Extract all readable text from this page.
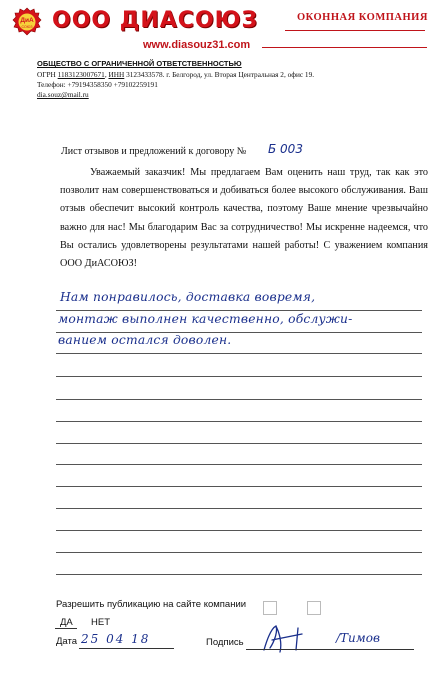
ДиА
СОЮЗ ООО ДИАСОЮЗ	ОКОННАЯ КОМПАНИЯ
www.diasouz31.com
ОБЩЕСТВО С ОГРАНИЧЕННОЙ ОТВЕТСТВЕННОСТЬЮ
ОГРН 1183123007671, ИНН 3123433578. г. Белгород, ул. Вторая Центральная 2, офис 19.
Телефон: +79194358350 +79102259191
dia.souz@mail.ru
Лист отзывов и предложений к договору № Б 003

Уважаемый заказчик! Мы предлагаем Вам оценить наш труд, так как это позволит нам совершенствоваться и добиваться более высокого обслуживания. Ваш отзыв обеспечит высокий контроль качества, поэтому Ваше мнение чрезвычайно важно для нас! Мы благодарим Вас за сотрудничество! Мы искренне надеемся, что Вы остались удовлетворены результатами нашей работы! С уважением компания ООО ДиАСОЮЗ!

Нам понравилось, доставка вовремя,
монтаж выполнен качественно, обслужи-
ванием остался доволен.
Разрешить публикацию на сайте компании
ДА НЕТ
Дата 25 04 18	Подпись	/Тимов
